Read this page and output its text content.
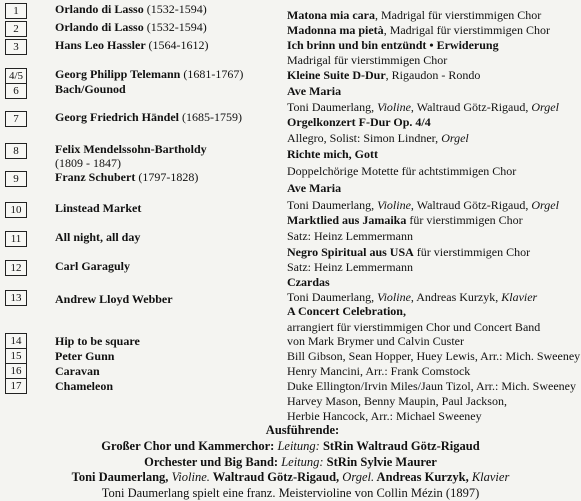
1
2
3
4/5
6
7
8
9
10
11
12
13
14
15
16
17
Orlando di Lasso (1532-1594)
Orlando di Lasso (1532-1594)
Hans Leo Hassler (1564-1612)
Georg Philipp Telemann (1681-1767)
Bach/Gounod
Georg Friedrich Händel (1685-1759)
Felix Mendelssohn-Bartholdy
(1809 - 1847)
Franz Schubert (1797-1828)
Linstead Market
All night, all day
Carl Garaguly
Andrew Lloyd Webber
Hip to be square
Peter Gunn
Caravan
Chameleon
Matona mia cara, Madrigal für vierstimmigen Chor
Madonna ma pietà, Madrigal für vierstimmigen Chor
Ich brinn und bin entzündt • Erwiderung
Madrigal für vierstimmigen Chor
Kleine Suite D-Dur, Rigaudon - Rondo
Ave Maria
Toni Daumerlang, Violine, Waltraud Götz-Rigaud, Orgel
Orgelkonzert F-Dur Op. 4/4
Allegro, Solist: Simon Lindner, Orgel
Richte mich, Gott
Doppelchörige Motette für achtstimmigen Chor
Ave Maria
Toni Daumerlang, Violine, Waltraud Götz-Rigaud, Orgel
Marktlied aus Jamaika für vierstimmigen Chor
Satz: Heinz Lemmermann
Negro Spiritual aus USA für vierstimmigen Chor
Satz: Heinz Lemmermann
Czardas
Toni Daumerlang, Violine, Andreas Kurzyk, Klavier
A Concert Celebration,
arrangiert für vierstimmigen Chor und Concert Band
von Mark Brymer und Calvin Custer
Bill Gibson, Sean Hopper, Huey Lewis, Arr.: Mich. Sweeney
Henry Mancini, Arr.: Frank Comstock
Duke Ellington/Irvin Miles/Jaun Tizol, Arr.: Mich. Sweeney
Harvey Mason, Benny Maupin, Paul Jackson,
Herbie Hancock, Arr.: Michael Sweeney
Ausführende:
Großer Chor und Kammerchor: Leitung: StRin Waltraud Götz-Rigaud
Orchester und Big Band: Leitung: StRin Sylvie Maurer
Toni Daumerlang, Violine. Waltraud Götz-Rigaud, Orgel. Andreas Kurzyk, Klavier
Toni Daumerlang spielt eine franz. Meistervioline von Collin Mézin (1897)
